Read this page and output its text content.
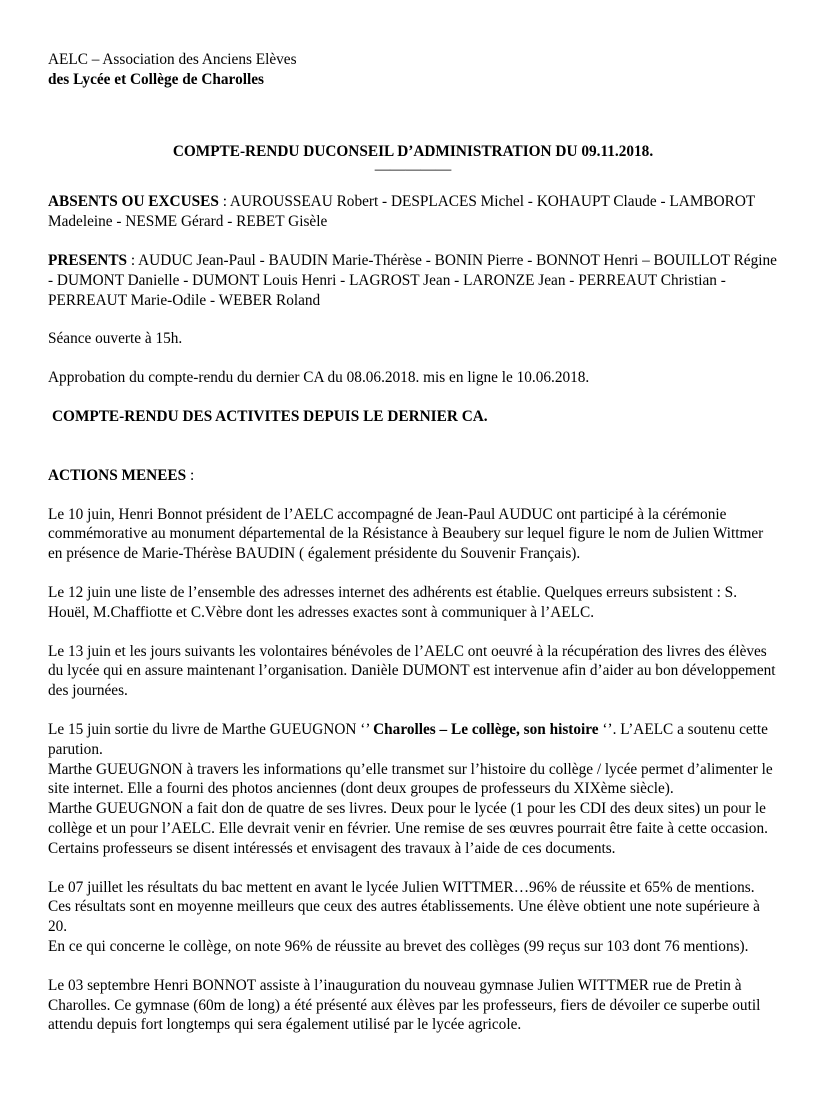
AELC – Association des Anciens Elèves

des Lycée et Collège de Charolles

COMPTE-RENDU DUCONSEIL D’ADMINISTRATION DU 09.11.2018.

—————

ABSENTS OU EXCUSES : AUROUSSEAU Robert - DESPLACES Michel - KOHAUPT Claude - LAMBOROT Madeleine - NESME Gérard - REBET Gisèle

PRESENTS : AUDUC Jean-Paul - BAUDIN Marie-Thérèse - BONIN Pierre - BONNOT Henri – BOUILLOT Régine - DUMONT Danielle - DUMONT Louis Henri - LAGROST Jean - LARONZE Jean - PERREAUT Christian - PERREAUT Marie-Odile - WEBER Roland

Séance ouverte à 15h.

Approbation du compte-rendu du dernier CA du 08.06.2018. mis en ligne le 10.06.2018.

COMPTE-RENDU DES ACTIVITES DEPUIS LE DERNIER CA.

ACTIONS MENEES :

Le 10 juin, Henri Bonnot président de l’AELC accompagné de Jean-Paul AUDUC ont participé à la cérémonie commémorative au monument départemental de la Résistance à Beaubery sur lequel figure le nom de Julien Wittmer en présence de Marie-Thérèse BAUDIN ( également présidente du Souvenir Français).

Le 12 juin une liste de l’ensemble des adresses internet des adhérents est établie. Quelques erreurs subsistent : S. Houël, M.Chaffiotte et C.Vèbre dont les adresses exactes sont à communiquer à l’AELC.

Le 13 juin et les jours suivants les volontaires bénévoles de l’AELC ont oeuvré à la récupération des livres des élèves du lycée qui en assure maintenant l’organisation. Danièle DUMONT est intervenue afin d’aider au bon développement des journées.

Le 15 juin sortie du livre de Marthe GUEUGNON ‘’ Charolles – Le collège, son histoire ‘’. L’AELC a soutenu cette parution.

Marthe GUEUGNON à travers les informations qu’elle transmet sur l’histoire du collège / lycée permet d’alimenter le site internet. Elle a fourni des photos anciennes (dont deux groupes de professeurs du XIXème siècle).

Marthe GUEUGNON a fait don de quatre de ses livres. Deux pour le lycée (1 pour les CDI des deux sites) un pour le collège et un pour l’AELC. Elle devrait venir en février. Une remise de ses œuvres pourrait être faite à cette occasion. Certains professeurs se disent intéressés et envisagent des travaux à l’aide de ces documents.

Le 07 juillet les résultats du bac mettent en avant le lycée Julien WITTMER…96% de réussite et 65% de mentions. Ces résultats sont en moyenne meilleurs que ceux des autres établissements. Une élève obtient une note supérieure à 20.

En ce qui concerne le collège, on note 96% de réussite au brevet des collèges (99 reçus sur 103 dont 76 mentions).

Le 03 septembre Henri BONNOT assiste à l’inauguration du nouveau gymnase Julien WITTMER rue de Pretin à Charolles. Ce gymnase (60m de long) a été présenté aux élèves par les professeurs, fiers de dévoiler ce superbe outil attendu depuis fort longtemps qui sera également utilisé par le lycée agricole.
